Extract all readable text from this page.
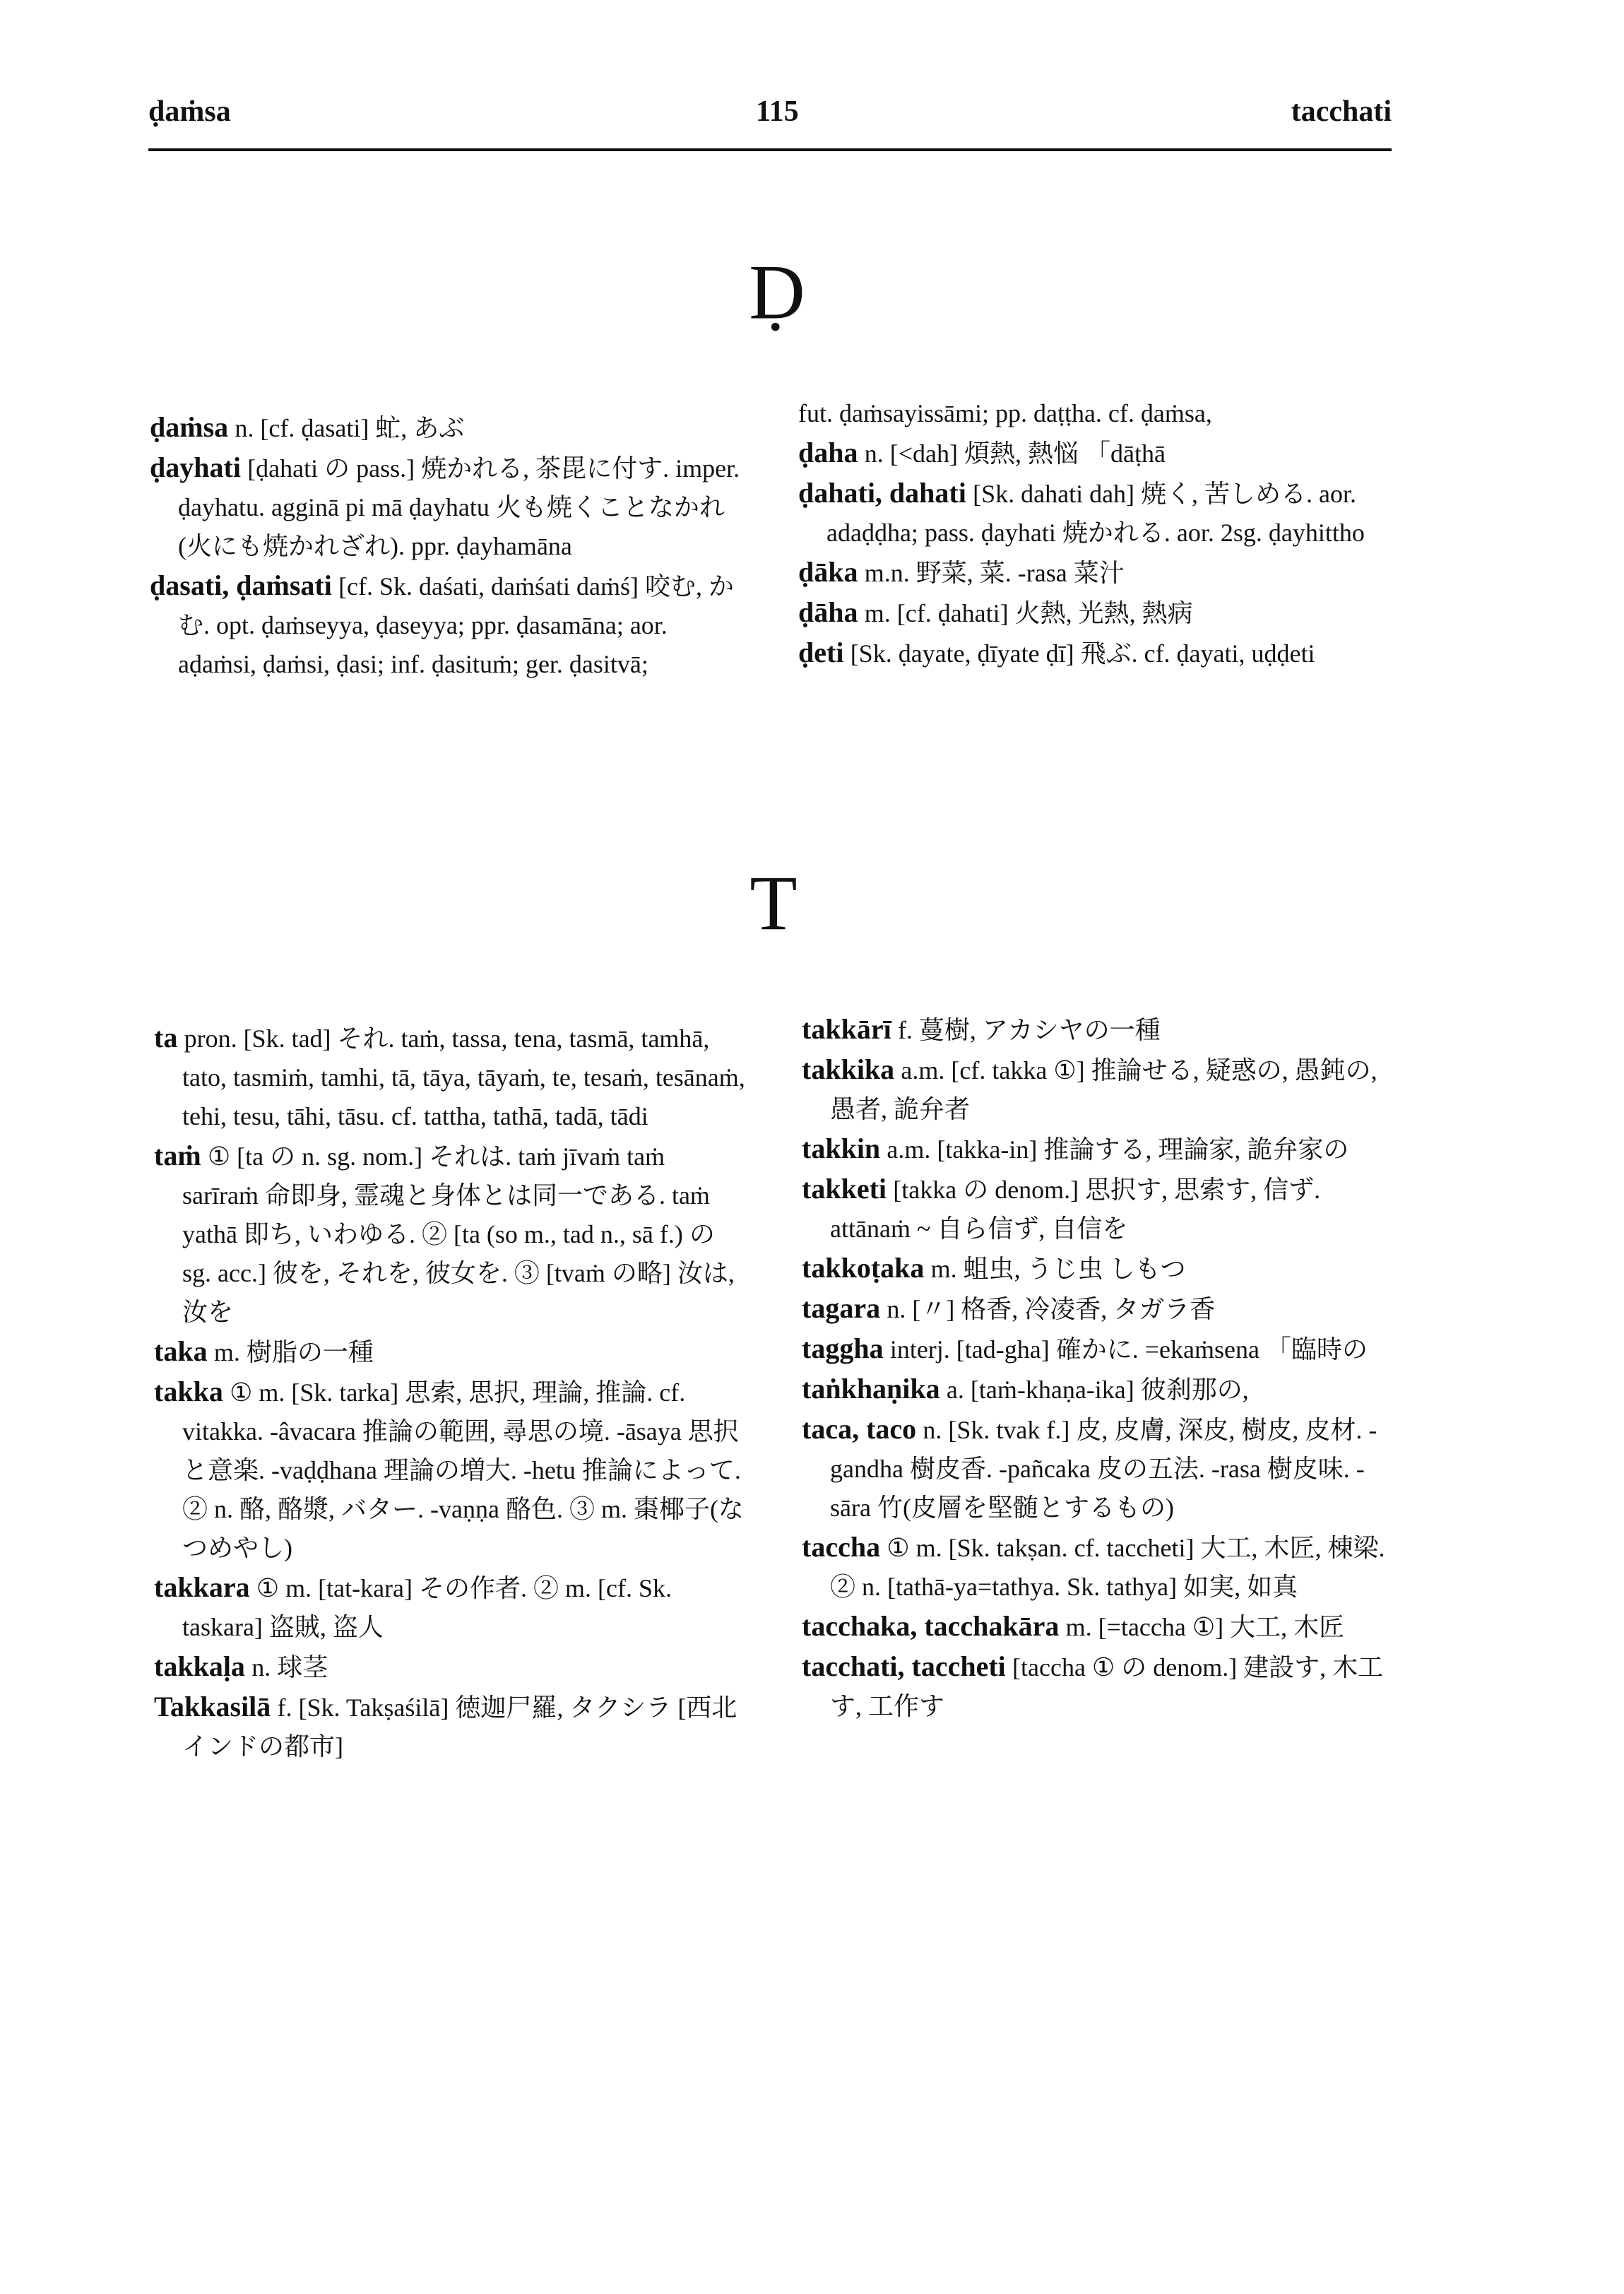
ḍaṁsa	115	tacchati
Ḍ

ḍaṁsa n. [cf. ḍasati] 虻, あぶ

ḍayhati [ḍahati の pass.] 焼かれる, 茶毘に付す. imper. ḍayhatu. agginā pi mā ḍayhatu 火も焼くことなかれ (火にも焼かれざれ). ppr. ḍayhamāna

ḍasati, ḍaṁsati [cf. Sk. daśati, daṁśati daṁś] 咬む, かむ. opt. ḍaṁseyya, ḍaseyya; ppr. ḍasamāna; aor. aḍaṁsi, ḍaṁsi, ḍasi; inf. ḍasituṁ; ger. ḍasitvā;

fut. ḍaṁsayissāmi; pp. daṭṭha. cf. ḍaṁsa,

ḍaha n. [<dah] 煩熱, 熱悩 「dāṭhā

ḍahati, dahati [Sk. dahati dah] 焼く, 苦しめる. aor. adaḍḍha; pass. ḍayhati 焼かれる. aor. 2sg. ḍayhittho

ḍāka m.n. 野菜, 菜. -rasa 菜汁

ḍāha m. [cf. ḍahati] 火熱, 光熱, 熱病

ḍeti [Sk. ḍayate, ḍīyate ḍī] 飛ぶ. cf. ḍayati, uḍḍeti

T

ta pron. [Sk. tad] それ. taṁ, tassa, tena, tasmā, tamhā, tato, tasmiṁ, tamhi, tā, tāya, tāyaṁ, te, tesaṁ, tesānaṁ, tehi, tesu, tāhi, tāsu. cf. tattha, tathā, tadā, tādi

taṁ ① [ta の n. sg. nom.] それは. taṁ jīvaṁ taṁ sarīraṁ 命即身, 霊魂と身体とは同一である. taṁ yathā 即ち, いわゆる. ② [ta (so m., tad n., sā f.) の sg. acc.] 彼を, それを, 彼女を. ③ [tvaṁ の略] 汝は, 汝を

taka m. 樹脂の一種

takka ① m. [Sk. tarka] 思索, 思択, 理論, 推論. cf. vitakka. -âvacara 推論の範囲, 尋思の境. -āsaya 思択と意楽. -vaḍḍhana 理論の増大. -hetu 推論によって. ② n. 酪, 酪漿, バター. -vaṇṇa 酪色. ③ m. 棗椰子(なつめやし)

takkara ① m. [tat-kara] その作者. ② m. [cf. Sk. taskara] 盗賊, 盗人

takkaḷa n. 球茎

Takkasilā f. [Sk. Takṣaśilā] 徳迦尸羅, タクシラ [西北インドの都市]

takkārī f. 蔓樹, アカシヤの一種

takkika a.m. [cf. takka ①] 推論せる, 疑惑の, 愚鈍の, 愚者, 詭弁者

takkin a.m. [takka-in] 推論する, 理論家, 詭弁家の

takketi [takka の denom.] 思択す, 思索す, 信ず. attānaṁ ~ 自ら信ず, 自信を

takkoṭaka m. 蛆虫, うじ虫 しもつ

tagara n. [〃] 格香, 冷凌香, タガラ香

taggha interj. [tad-gha] 確かに. =ekaṁsena 「臨時の

taṅkhaṇika a. [taṁ-khaṇa-ika] 彼刹那の,

taca, taco n. [Sk. tvak f.] 皮, 皮膚, 深皮, 樹皮, 皮材. -gandha 樹皮香. -pañcaka 皮の五法. -rasa 樹皮味. -sāra 竹(皮層を堅髄とするもの)

taccha ① m. [Sk. takṣan. cf. taccheti] 大工, 木匠, 棟梁. ② n. [tathā-ya=tathya. Sk. tathya] 如実, 如真

tacchaka, tacchakāra m. [=taccha ①] 大工, 木匠

tacchati, taccheti [taccha ① の denom.] 建設す, 木工す, 工作す
